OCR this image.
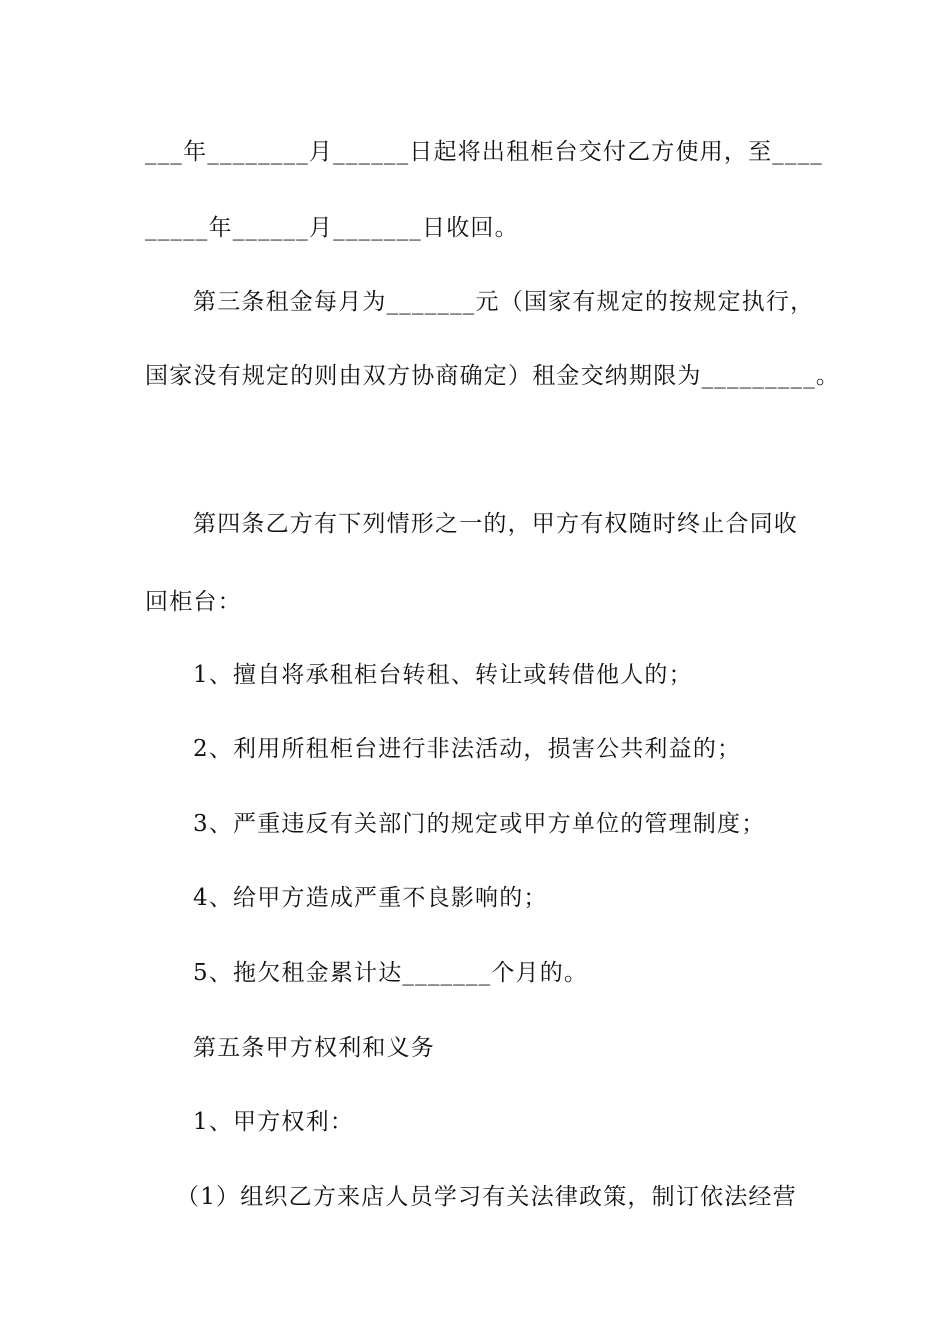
___年________月______日起将出租柜台交付乙方使用，至____
_____年______月_______日收回。
第三条租金每月为_______元（国家有规定的按规定执行，
国家没有规定的则由双方协商确定）租金交纳期限为_________。
第四条乙方有下列情形之一的，甲方有权随时终止合同收
回柜台：
1、擅自将承租柜台转租、转让或转借他人的；
2、利用所租柜台进行非法活动，损害公共利益的；
3、严重违反有关部门的规定或甲方单位的管理制度；
4、给甲方造成严重不良影响的；
5、拖欠租金累计达_______个月的。
第五条甲方权利和义务
1、甲方权利：
（1）组织乙方来店人员学习有关法律政策，制订依法经营
